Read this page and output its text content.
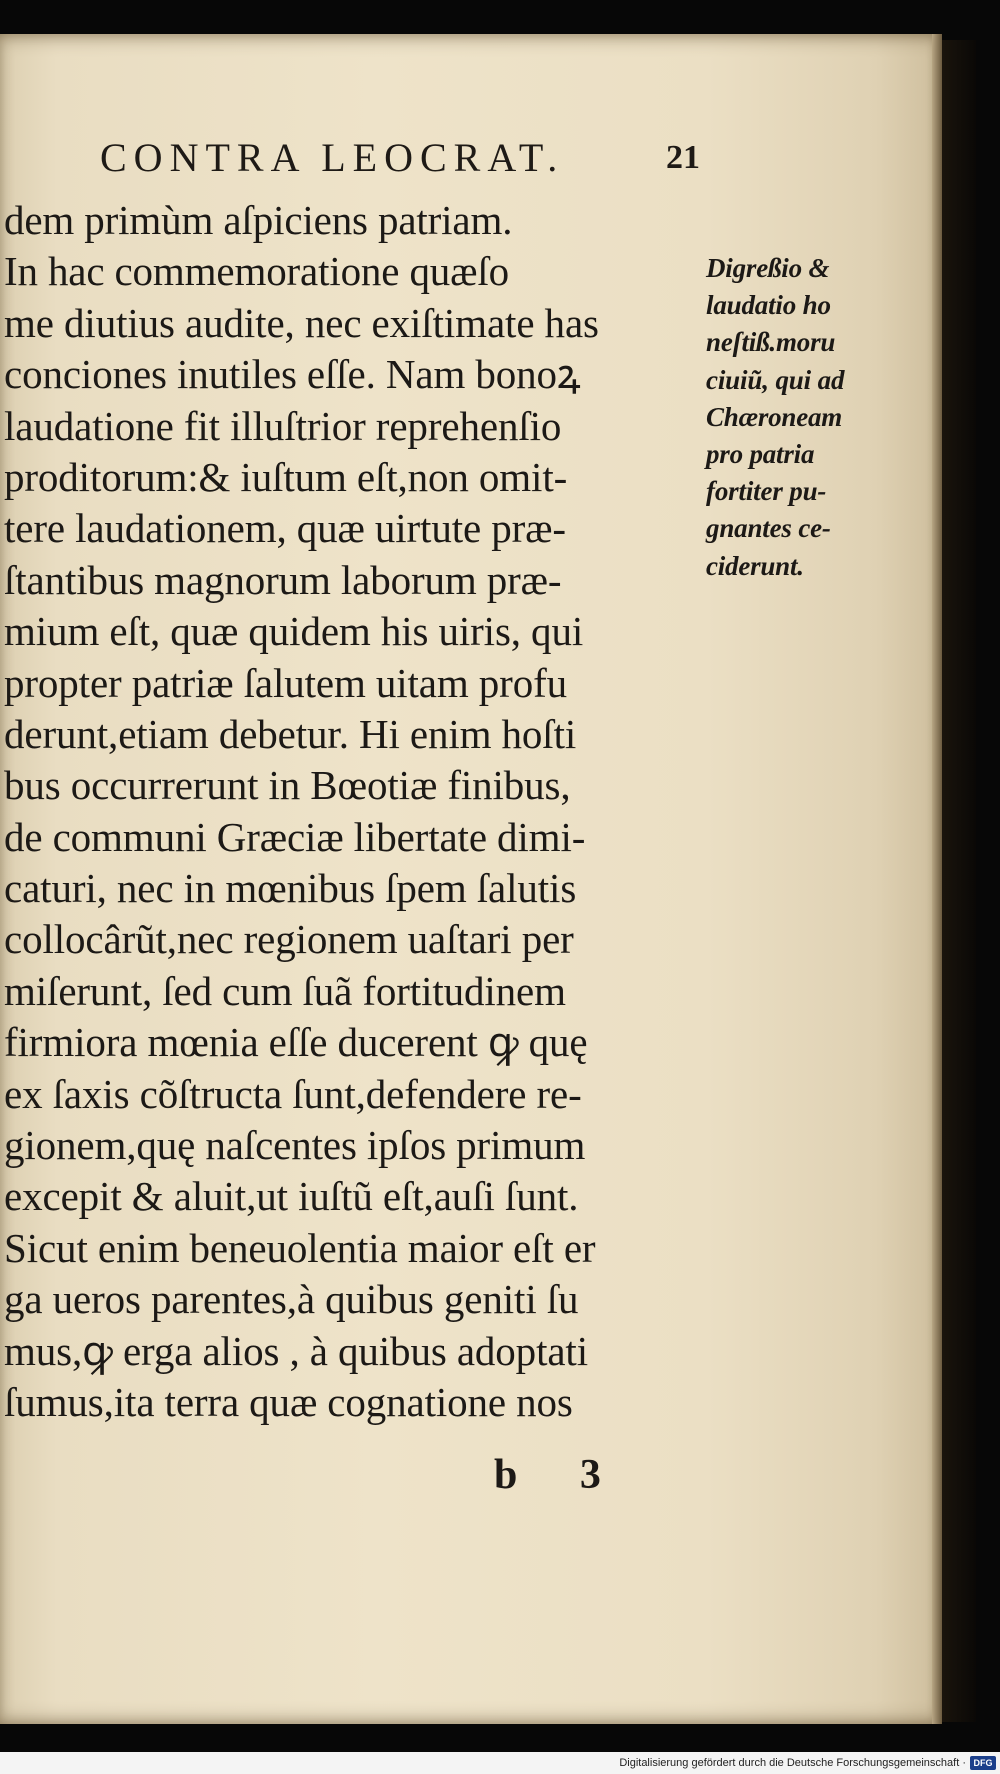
CONTRA LEOCRAT.	21
dem primùm aſpiciens patriam.
In hac commemoratione quæſo
me diutius audite, nec exiſtimate has
conciones inutiles eſſe. Nam bonoꝝ
laudatione fit illuſtrior reprehenſio
proditorum:& iuſtum eſt,non omit-
tere laudationem, quæ uirtute præ-
ſtantibus magnorum laborum præ-
mium eſt, quæ quidem his uiris, qui
propter patriæ ſalutem uitam profu
derunt,etiam debetur. Hi enim hoſti
bus occurrerunt in Bœotiæ finibus,
de communi Græciæ libertate dimi-
caturi, nec in mœnibus ſpem ſalutis
collocârũt,nec regionem uaſtari per
miſerunt, ſed cum ſuã fortitudinem
firmiora mœnia eſſe ducerent ꝙ quę
ex ſaxis cõſtructa ſunt,defendere re-
gionem,quę naſcentes ipſos primum
excepit & aluit,ut iuſtũ eſt,auſi ſunt.
Sicut enim beneuolentia maior eſt er
ga ueros parentes,à quibus geniti ſu
mus,ꝙ erga alios , à quibus adoptati
ſumus,ita terra quæ cognatione nos
Digreßio &
laudatio ho
neſtiß.moru
ciuiũ, qui ad
Chæroneam
pro patria
fortiter pu-
gnantes ce-
ciderunt.
b 3
Digitalisierung gefördert durch die Deutsche Forschungsgemeinschaft · DFG
